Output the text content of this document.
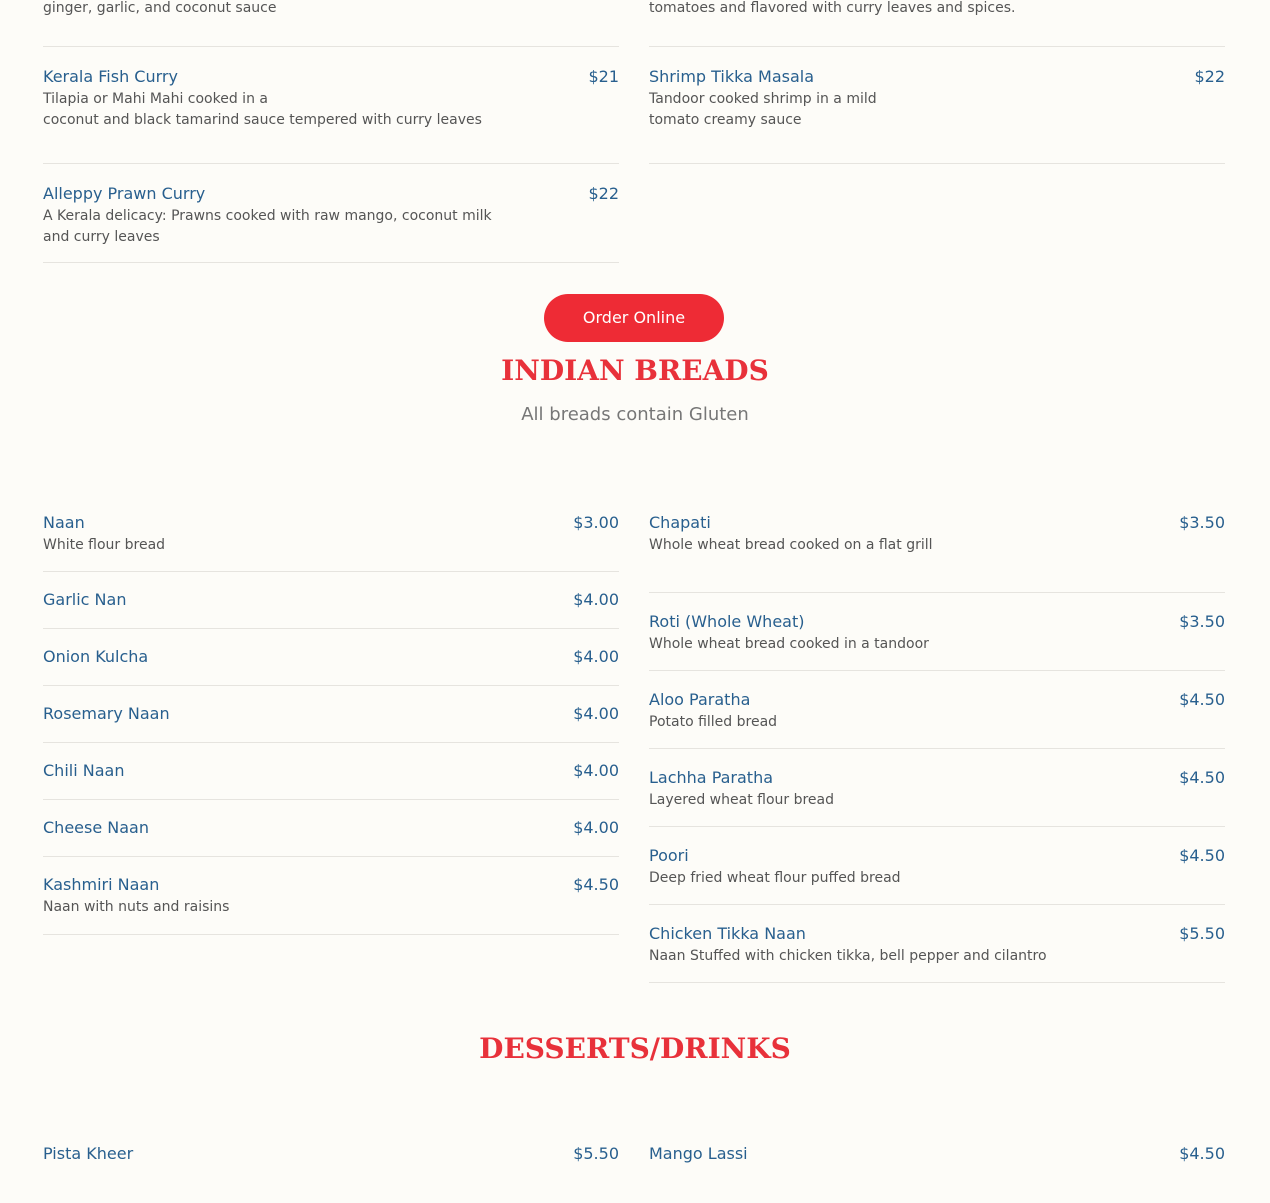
ginger, garlic, and coconut sauce
Kerala Fish Curry	$21
Tilapia or Mahi Mahi cooked in a
coconut and black tamarind sauce tempered with curry leaves
Alleppy Prawn Curry	$22
A Kerala delicacy: Prawns cooked with raw mango, coconut milk
and curry leaves
tomatoes and flavored with curry leaves and spices.
Shrimp Tikka Masala	$22
Tandoor cooked shrimp in a mild
tomato creamy sauce
Order Online
INDIAN BREADS
All breads contain Gluten
Naan	$3.00
White flour bread
Garlic Nan	$4.00
Onion Kulcha	$4.00
Rosemary Naan	$4.00
Chili Naan	$4.00
Cheese Naan	$4.00
Kashmiri Naan	$4.50
Naan with nuts and raisins
Chapati	$3.50
Whole wheat bread cooked on a flat grill
Roti (Whole Wheat)	$3.50
Whole wheat bread cooked in a tandoor
Aloo Paratha	$4.50
Potato filled bread
Lachha Paratha	$4.50
Layered wheat flour bread
Poori	$4.50
Deep fried wheat flour puffed bread
Chicken Tikka Naan	$5.50
Naan Stuffed with chicken tikka, bell pepper and cilantro
DESSERTS/DRINKS
Pista Kheer	$5.50 Mango Lassi	$4.50
